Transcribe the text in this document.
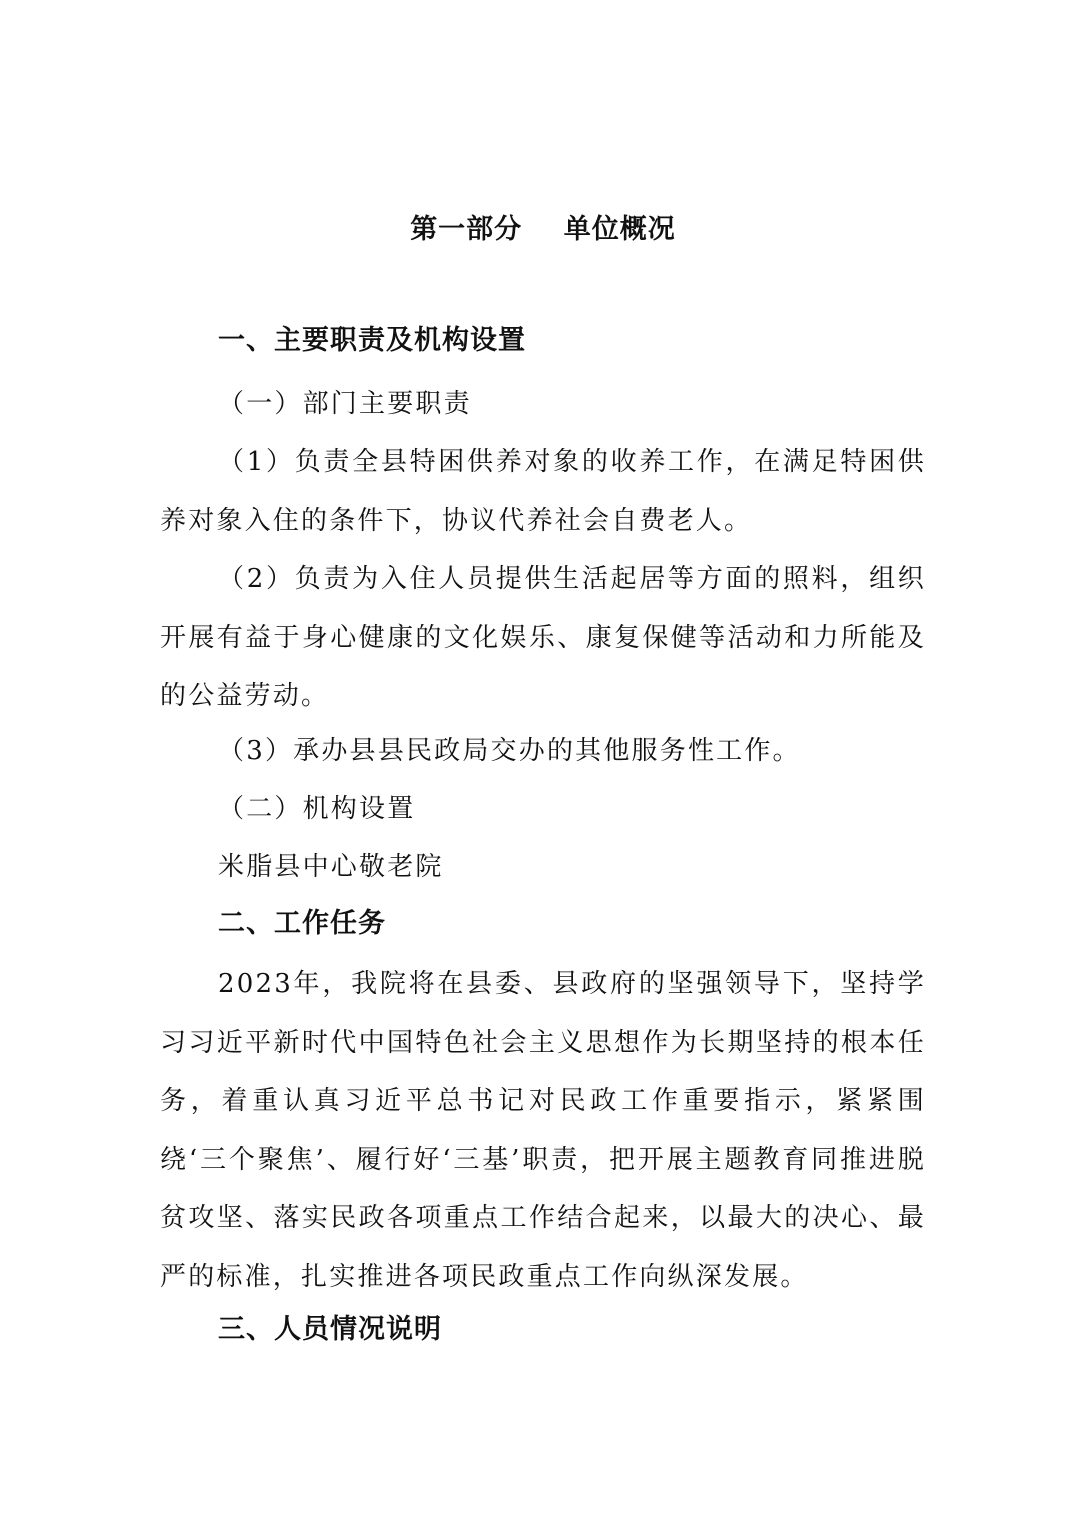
第一部分    单位概况
一、主要职责及机构设置
（一）部门主要职责
（1）负责全县特困供养对象的收养工作，在满足特困供养对象入住的条件下，协议代养社会自费老人。
（2）负责为入住人员提供生活起居等方面的照料，组织开展有益于身心健康的文化娱乐、康复保健等活动和力所能及的公益劳动。
（3）承办县县民政局交办的其他服务性工作。
（二）机构设置
米脂县中心敬老院
二、工作任务
2023年，我院将在县委、县政府的坚强领导下，坚持学习习近平新时代中国特色社会主义思想作为长期坚持的根本任务，着重认真习近平总书记对民政工作重要指示，紧紧围绕‘三个聚焦’、履行好‘三基’职责，把开展主题教育同推进脱贫攻坚、落实民政各项重点工作结合起来，以最大的决心、最严的标准，扎实推进各项民政重点工作向纵深发展。
三、人员情况说明
